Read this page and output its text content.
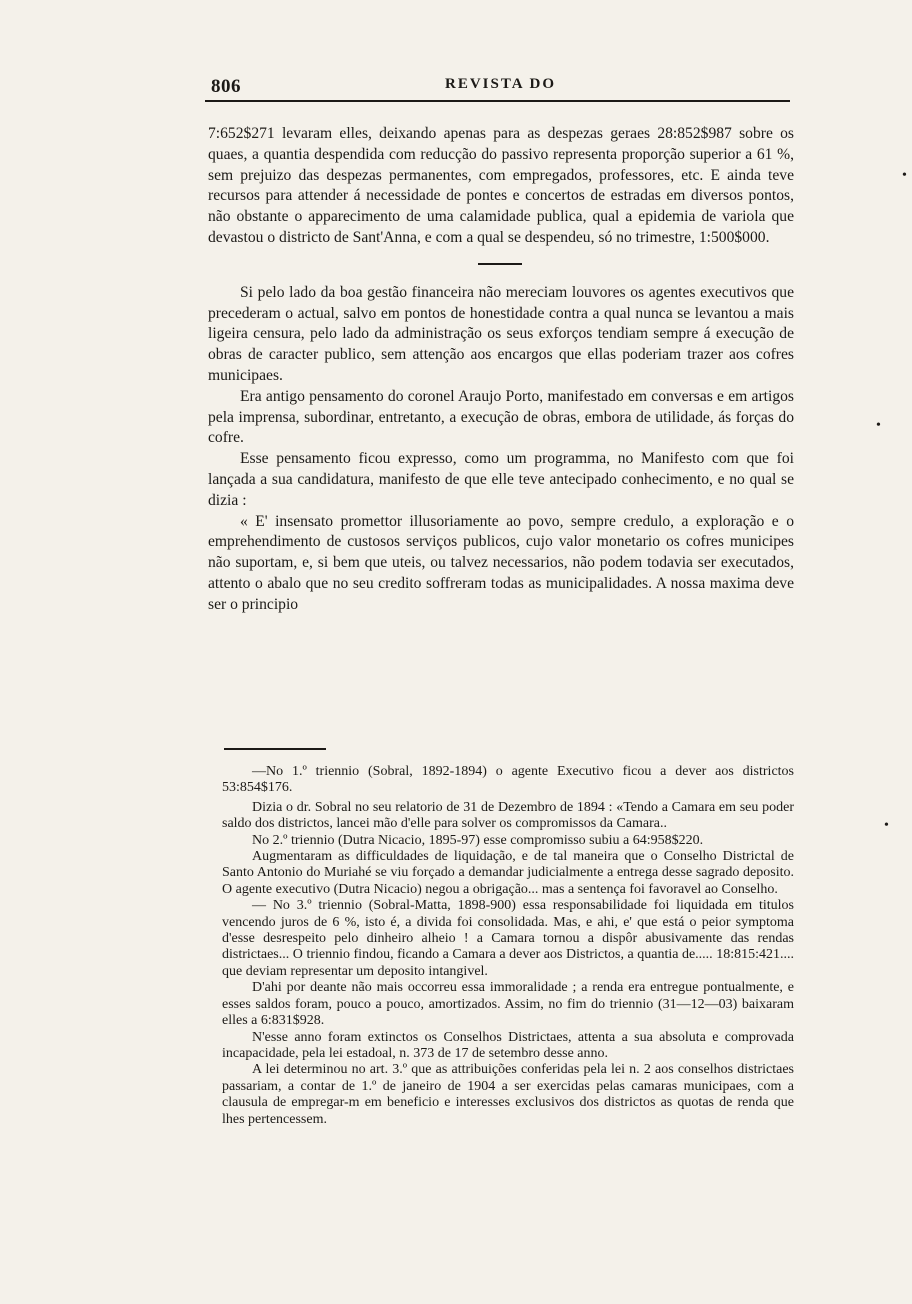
806	REVISTA DO

7:652$271 levaram elles, deixando apenas para as despezas geraes 28:852$987 sobre os quaes, a quantia despendida com reducção do passivo representa proporção superior a 61 %, sem prejuizo das despezas permanentes, com empregados, professores, etc. E ainda teve recursos para attender á necessidade de pontes e concertos de estradas em diversos pontos, não obstante o apparecimento de uma calamidade publica, qual a epidemia de variola que devastou o districto de Sant'Anna, e com a qual se despendeu, só no trimestre, 1:500$000.

Si pelo lado da boa gestão financeira não mereciam louvores os agentes executivos que precederam o actual, salvo em pontos de honestidade contra a qual nunca se levantou a mais ligeira censura, pelo lado da administração os seus exforços tendiam sempre á execução de obras de caracter publico, sem attenção aos encargos que ellas poderiam trazer aos cofres municipaes.

Era antigo pensamento do coronel Araujo Porto, manifestado em conversas e em artigos pela imprensa, subordinar, entretanto, a execução de obras, embora de utilidade, ás forças do cofre.

Esse pensamento ficou expresso, como um programma, no Manifesto com que foi lançada a sua candidatura, manifesto de que elle teve antecipado conhecimento, e no qual se dizia :

« E' insensato promettor illusoriamente ao povo, sempre credulo, a exploração e o emprehendimento de custosos serviços publicos, cujo valor monetario os cofres municipes não suportam, e, si bem que uteis, ou talvez necessarios, não podem todavia ser executados, attento o abalo que no seu credito soffreram todas as municipalidades. A nossa maxima deve ser o principio

—No 1.º triennio (Sobral, 1892-1894) o agente Executivo ficou a dever aos districtos 53:854$176.

Dizia o dr. Sobral no seu relatorio de 31 de Dezembro de 1894 : «Tendo a Camara em seu poder saldo dos districtos, lancei mão d'elle para solver os compromissos da Camara..

No 2.º triennio (Dutra Nicacio, 1895-97) esse compromisso subiu a 64:958$220.

Augmentaram as difficuldades de liquidação, e de tal maneira que o Conselho Districtal de Santo Antonio do Muriahé se viu forçado a demandar judicialmente a entrega desse sagrado deposito. O agente executivo (Dutra Nicacio) negou a obrigação... mas a sentença foi favoravel ao Conselho.

— No 3.º triennio (Sobral-Matta, 1898-900) essa responsabilidade foi liquidada em titulos vencendo juros de 6 %, isto é, a divida foi consolidada. Mas, e ahi, e' que está o peior symptoma d'esse desrespeito pelo dinheiro alheio ! a Camara tornou a dispôr abusivamente das rendas districtaes... O triennio findou, ficando a Camara a dever aos Districtos, a quantia de..... 18:815:421.... que deviam representar um deposito intangivel.

D'ahi por deante não mais occorreu essa immoralidade ; a renda era entregue pontualmente, e esses saldos foram, pouco a pouco, amortizados. Assim, no fim do triennio (31—12—03) baixaram elles a 6:831$928.

N'esse anno foram extinctos os Conselhos Districtaes, attenta a sua absoluta e comprovada incapacidade, pela lei estadoal, n. 373 de 17 de setembro desse anno.

A lei determinou no art. 3.º que as attribuições conferidas pela lei n. 2 aos conselhos districtaes passariam, a contar de 1.º de janeiro de 1904 a ser exercidas pelas camaras municipaes, com a clausula de empregar-m em beneficio e interesses exclusivos dos districtos as quotas de renda que lhes pertencessem.

•
•
•
